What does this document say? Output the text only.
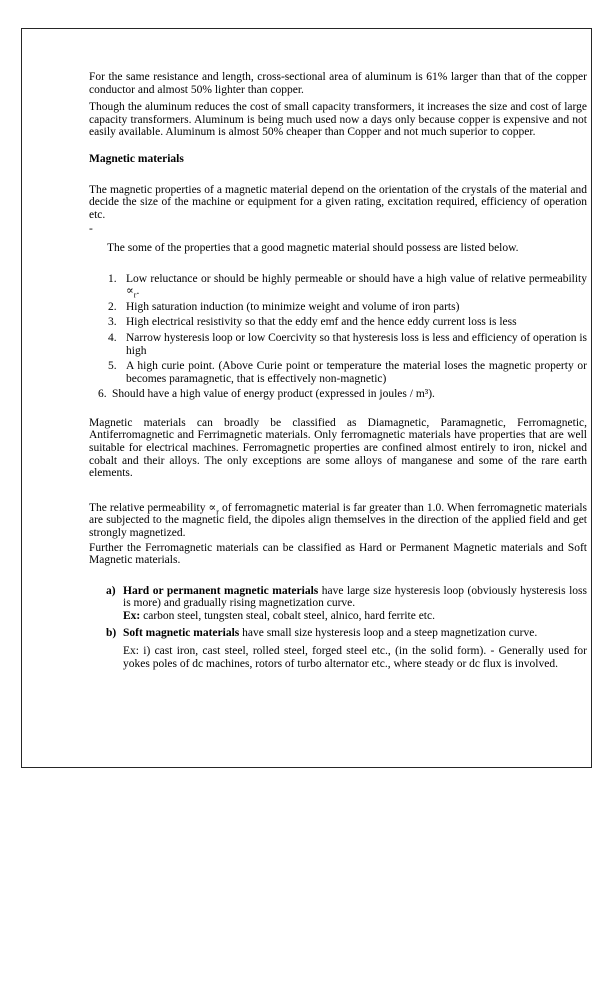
For the same resistance and length, cross-sectional area of aluminum is 61% larger than that of the copper conductor and almost 50% lighter than copper.

Though the aluminum reduces the cost of small capacity transformers, it increases the size and cost of large capacity transformers. Aluminum is being much used now a days only because copper is expensive and not easily available. Aluminum is almost 50% cheaper than Copper and not much superior to copper.

Magnetic materials

The magnetic properties of a magnetic material depend on the orientation of the crystals of the material and decide the size of the machine or equipment for a given rating, excitation required, efficiency of operation etc.

-

The some of the properties that a good magnetic material should possess are listed below.

1. Low reluctance or should be highly permeable or should have a high value of relative permeability $\propto_r$.
2. High saturation induction (to minimize weight and volume of iron parts)
3. High electrical resistivity so that the eddy emf and the hence eddy current loss is less
4. Narrow hysteresis loop or low Coercivity so that hysteresis loss is less and efficiency of operation is high
5. A high curie point. (Above Curie point or temperature the material loses the magnetic property or becomes paramagnetic, that is effectively non-magnetic)
6. Should have a high value of energy product (expressed in joules / m³).

Magnetic materials can broadly be classified as Diamagnetic, Paramagnetic, Ferromagnetic, Antiferromagnetic and Ferrimagnetic materials. Only ferromagnetic materials have properties that are well suitable for electrical machines. Ferromagnetic properties are confined almost entirely to iron, nickel and cobalt and their alloys. The only exceptions are some alloys of manganese and some of the rare earth elements.

The relative permeability $\propto_r$ of ferromagnetic material is far greater than 1.0. When ferromagnetic materials are subjected to the magnetic field, the dipoles align themselves in the direction of the applied field and get strongly magnetized.

Further the Ferromagnetic materials can be classified as Hard or Permanent Magnetic materials and Soft Magnetic materials.

a) Hard or permanent magnetic materials have large size hysteresis loop (obviously hysteresis loss is more) and gradually rising magnetization curve.

Ex: carbon steel, tungsten steal, cobalt steel, alnico, hard ferrite etc.

b) Soft magnetic materials have small size hysteresis loop and a steep magnetization curve.

Ex: i) cast iron, cast steel, rolled steel, forged steel etc., (in the solid form). - Generally used for yokes poles of dc machines, rotors of turbo alternator etc., where steady or dc flux is involved.
